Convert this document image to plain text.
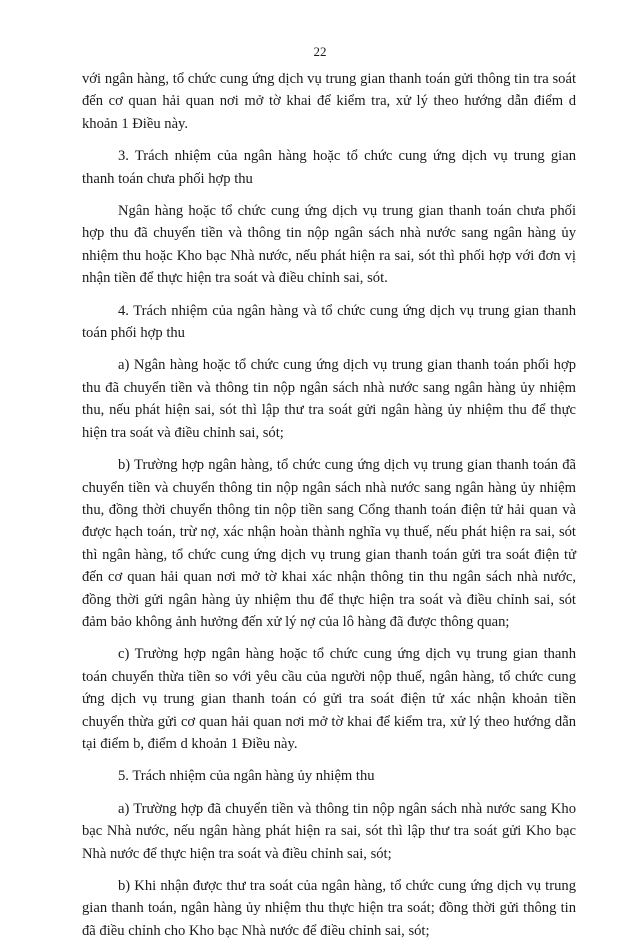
22

với ngân hàng, tổ chức cung ứng dịch vụ trung gian thanh toán gửi thông tin tra soát đến cơ quan hải quan nơi mở tờ khai để kiểm tra, xử lý theo hướng dẫn điểm d khoản 1 Điều này.

3. Trách nhiệm của ngân hàng hoặc tổ chức cung ứng dịch vụ trung gian thanh toán chưa phối hợp thu

Ngân hàng hoặc tổ chức cung ứng dịch vụ trung gian thanh toán chưa phối hợp thu đã chuyển tiền và thông tin nộp ngân sách nhà nước sang ngân hàng ủy nhiệm thu hoặc Kho bạc Nhà nước, nếu phát hiện ra sai, sót thì phối hợp với đơn vị nhận tiền để thực hiện tra soát và điều chỉnh sai, sót.

4. Trách nhiệm của ngân hàng và tổ chức cung ứng dịch vụ trung gian thanh toán phối hợp thu

a) Ngân hàng hoặc tổ chức cung ứng dịch vụ trung gian thanh toán phối hợp thu đã chuyển tiền và thông tin nộp ngân sách nhà nước sang ngân hàng ủy nhiệm thu, nếu phát hiện sai, sót thì lập thư tra soát gửi ngân hàng ủy nhiệm thu để thực hiện tra soát và điều chỉnh sai, sót;

b) Trường hợp ngân hàng, tổ chức cung ứng dịch vụ trung gian thanh toán đã chuyển tiền và chuyển thông tin nộp ngân sách nhà nước sang ngân hàng ủy nhiệm thu, đồng thời chuyển thông tin nộp tiền sang Cổng thanh toán điện tử hải quan và được hạch toán, trừ nợ, xác nhận hoàn thành nghĩa vụ thuế, nếu phát hiện ra sai, sót thì ngân hàng, tổ chức cung ứng dịch vụ trung gian thanh toán gửi tra soát điện tử đến cơ quan hải quan nơi mở tờ khai xác nhận thông tin thu ngân sách nhà nước, đồng thời gửi ngân hàng ủy nhiệm thu để thực hiện tra soát và điều chỉnh sai, sót đảm bảo không ảnh hưởng đến xử lý nợ của lô hàng đã được thông quan;

c) Trường hợp ngân hàng hoặc tổ chức cung ứng dịch vụ trung gian thanh toán chuyển thừa tiền so với yêu cầu của người nộp thuế, ngân hàng, tổ chức cung ứng dịch vụ trung gian thanh toán có gửi tra soát điện tử xác nhận khoản tiền chuyển thừa gửi cơ quan hải quan nơi mở tờ khai để kiểm tra, xử lý theo hướng dẫn tại điểm b, điểm d khoản 1 Điều này.

5. Trách nhiệm của ngân hàng ủy nhiệm thu

a) Trường hợp đã chuyển tiền và thông tin nộp ngân sách nhà nước sang Kho bạc Nhà nước, nếu ngân hàng phát hiện ra sai, sót thì lập thư tra soát gửi Kho bạc Nhà nước để thực hiện tra soát và điều chỉnh sai, sót;

b) Khi nhận được thư tra soát của ngân hàng, tổ chức cung ứng dịch vụ trung gian thanh toán, ngân hàng ủy nhiệm thu thực hiện tra soát; đồng thời gửi thông tin đã điều chỉnh cho Kho bạc Nhà nước để điều chỉnh sai, sót;
